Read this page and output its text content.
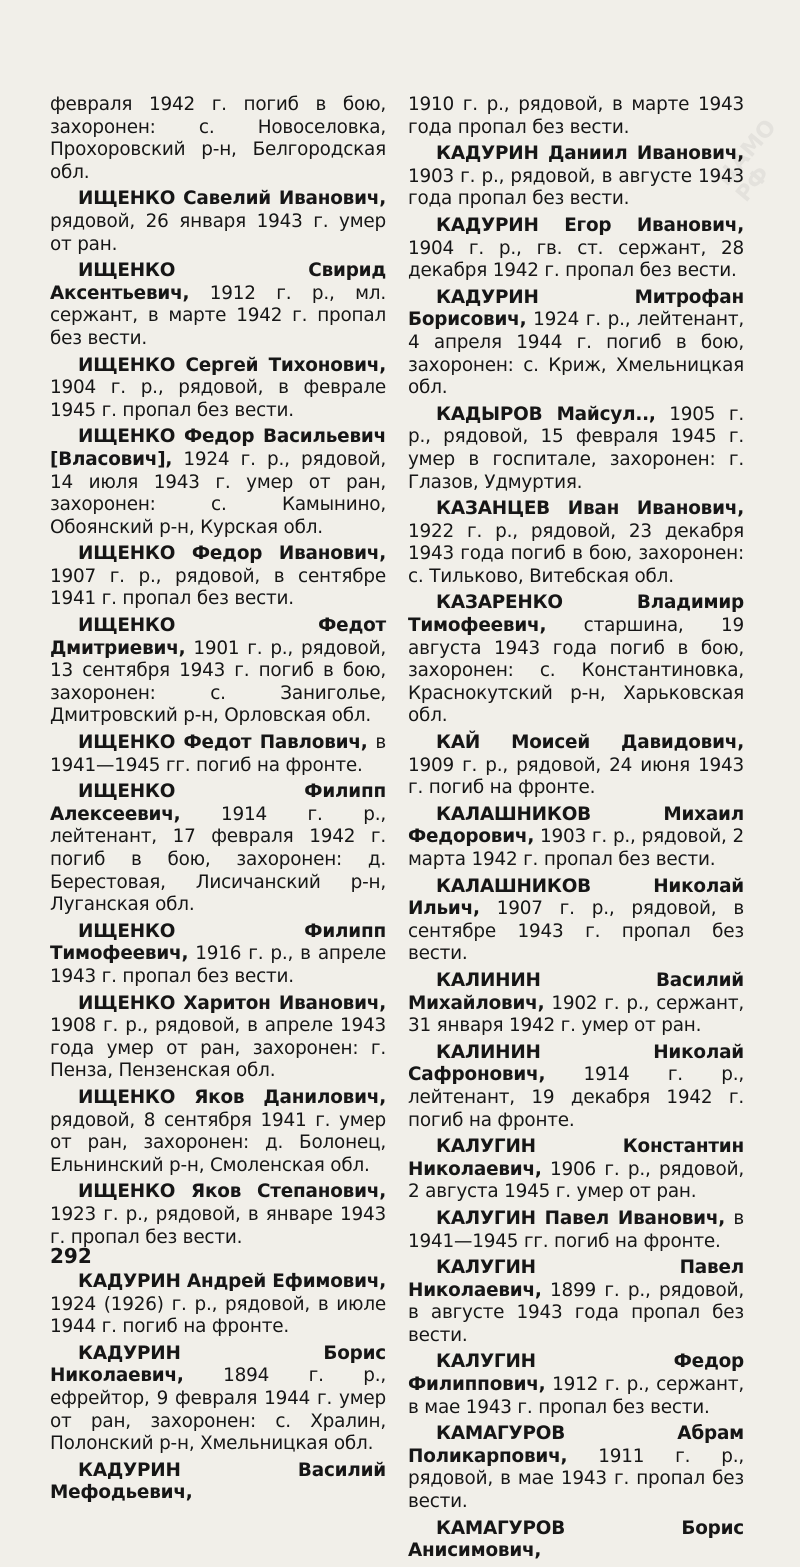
ЦАМО РФ

февраля 1942 г. погиб в бою, захоронен: с. Новоселовка, Прохоровский р-н, Белгородская обл.

ИЩЕНКО Савелий Иванович, рядовой, 26 января 1943 г. умер от ран.

ИЩЕНКО Свирид Аксентьевич, 1912 г. р., мл. сержант, в марте 1942 г. пропал без вести.

ИЩЕНКО Сергей Тихонович, 1904 г. р., рядовой, в феврале 1945 г. пропал без вести.

ИЩЕНКО Федор Васильевич [Власович], 1924 г. р., рядовой, 14 июля 1943 г. умер от ран, захоронен: с. Камынино, Обоянский р-н, Курская обл.

ИЩЕНКО Федор Иванович, 1907 г. р., рядовой, в сентябре 1941 г. пропал без вести.

ИЩЕНКО Федот Дмитриевич, 1901 г. р., рядовой, 13 сентября 1943 г. погиб в бою, захоронен: с. Заниголье, Дмитровский р-н, Орловская обл.

ИЩЕНКО Федот Павлович, в 1941—1945 гг. погиб на фронте.

ИЩЕНКО Филипп Алексеевич, 1914 г. р., лейтенант, 17 февраля 1942 г. погиб в бою, захоронен: д. Берестовая, Лисичанский р-н, Луганская обл.

ИЩЕНКО Филипп Тимофеевич, 1916 г. р., в апреле 1943 г. пропал без вести.

ИЩЕНКО Харитон Иванович, 1908 г. р., рядовой, в апреле 1943 года умер от ран, захоронен: г. Пенза, Пензенская обл.

ИЩЕНКО Яков Данилович, рядовой, 8 сентября 1941 г. умер от ран, захоронен: д. Болонец, Ельнинский р-н, Смоленская обл.

ИЩЕНКО Яков Степанович, 1923 г. р., рядовой, в январе 1943 г. пропал без вести.

КАДУРИН Андрей Ефимович, 1924 (1926) г. р., рядовой, в июле 1944 г. погиб на фронте.

КАДУРИН Борис Николаевич, 1894 г. р., ефрейтор, 9 февраля 1944 г. умер от ран, захоронен: с. Хралин, Полонский р-н, Хмельницкая обл.

КАДУРИН Василий Мефодьевич,

1910 г. р., рядовой, в марте 1943 года пропал без вести.

КАДУРИН Даниил Иванович, 1903 г. р., рядовой, в августе 1943 года пропал без вести.

КАДУРИН Егор Иванович, 1904 г. р., гв. ст. сержант, 28 декабря 1942 г. пропал без вести.

КАДУРИН Митрофан Борисович, 1924 г. р., лейтенант, 4 апреля 1944 г. погиб в бою, захоронен: с. Криж, Хмельницкая обл.

КАДЫРОВ Майсул.., 1905 г. р., рядовой, 15 февраля 1945 г. умер в госпитале, захоронен: г. Глазов, Удмуртия.

КАЗАНЦЕВ Иван Иванович, 1922 г. р., рядовой, 23 декабря 1943 года погиб в бою, захоронен: с. Тильково, Витебская обл.

КАЗАРЕНКО Владимир Тимофеевич, старшина, 19 августа 1943 года погиб в бою, захоронен: с. Константиновка, Краснокутский р-н, Харьковская обл.

КАЙ Моисей Давидович, 1909 г. р., рядовой, 24 июня 1943 г. погиб на фронте.

КАЛАШНИКОВ Михаил Федорович, 1903 г. р., рядовой, 2 марта 1942 г. пропал без вести.

КАЛАШНИКОВ Николай Ильич, 1907 г. р., рядовой, в сентябре 1943 г. пропал без вести.

КАЛИНИН Василий Михайлович, 1902 г. р., сержант, 31 января 1942 г. умер от ран.

КАЛИНИН Николай Сафронович, 1914 г. р., лейтенант, 19 декабря 1942 г. погиб на фронте.

КАЛУГИН Константин Николаевич, 1906 г. р., рядовой, 2 августа 1945 г. умер от ран.

КАЛУГИН Павел Иванович, в 1941—1945 гг. погиб на фронте.

КАЛУГИН Павел Николаевич, 1899 г. р., рядовой, в августе 1943 года пропал без вести.

КАЛУГИН Федор Филиппович, 1912 г. р., сержант, в мае 1943 г. пропал без вести.

КАМАГУРОВ Абрам Поликарпович, 1911 г. р., рядовой, в мае 1943 г. пропал без вести.

КАМАГУРОВ Борис Анисимович,

292
